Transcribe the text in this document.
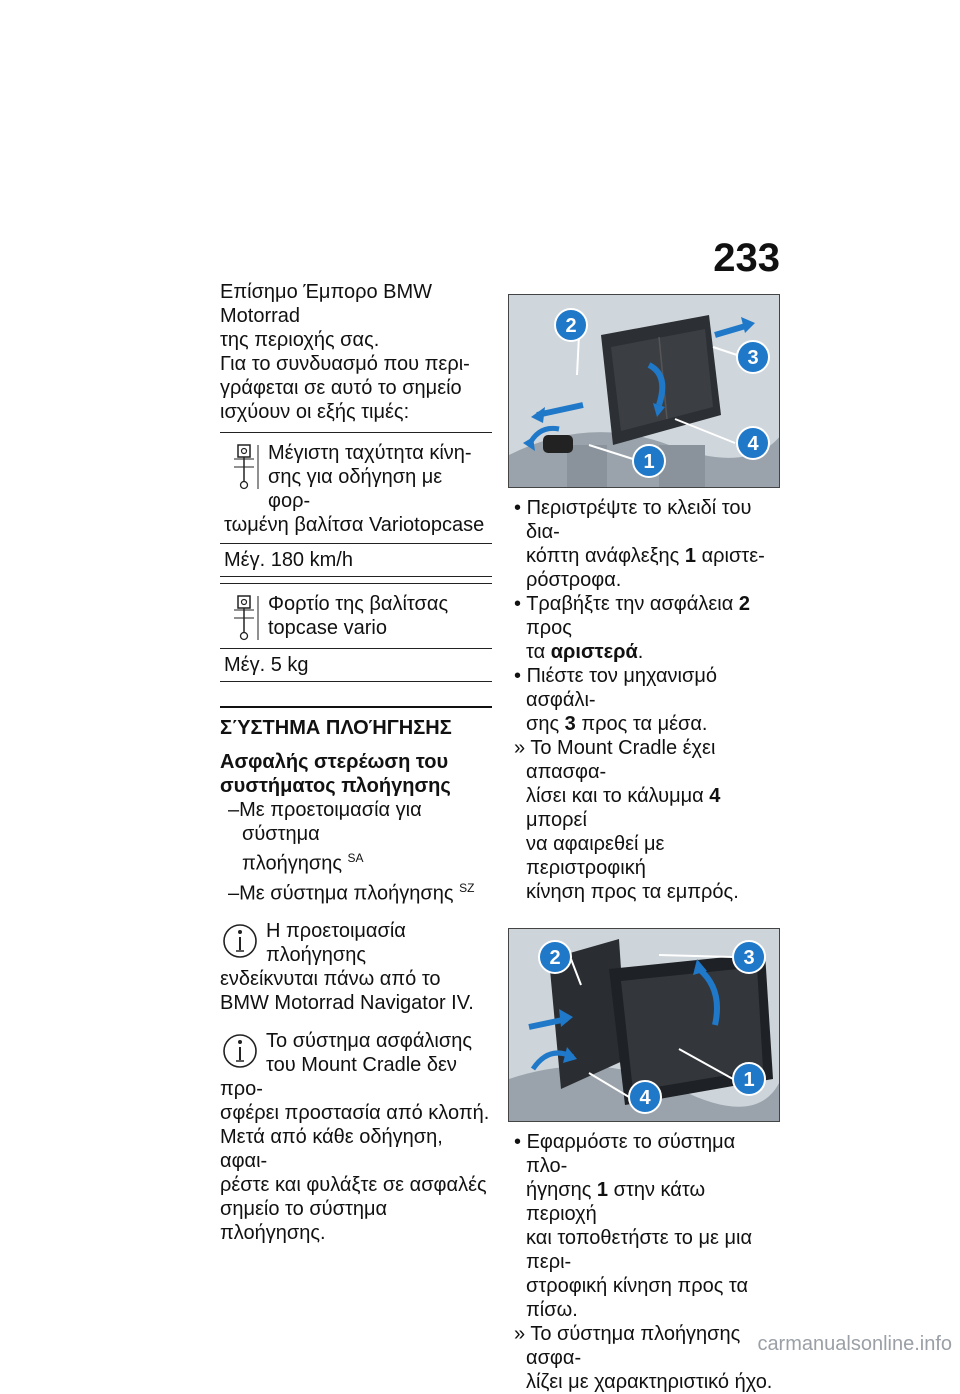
233

Επίσημο Έμπορο BMW Motorrad

της περιοχής σας.

Για το συνδυασμό που περι-

γράφεται σε αυτό το σημείο

ισχύουν οι εξής τιμές:

Μέγιστη ταχύτητα κίνη-
σης για οδήγηση με φορ-
τωμένη βαλίτσα Variotopcase
Μέγ. 180 km/h
Φορτίο της βαλίτσας
topcase vario
Μέγ. 5 kg
ΣΎΣΤΗΜΑ ΠΛΟΉΓΗΣΗΣ
Ασφαλής στερέωση του
συστήματος πλοήγησης
–Με προετοιμασία για σύστημα
πλοήγησης $^{SA}$
–Με σύστημα πλοήγησης $^{SZ}$
Η προετοιμασία πλοήγησης
ενδείκνυται πάνω από το
BMW Motorrad Navigator IV.
Το σύστημα ασφάλισης
του Mount Cradle δεν προ-
σφέρει προστασία από κλοπή.
Μετά από κάθε οδήγηση, αφαι-
ρέστε και φυλάξτε σε ασφαλές
σημείο το σύστημα πλοήγησης.
2
3
4
1
• Περιστρέψτε το κλειδί του δια-
κόπτη ανάφλεξης 1 αριστε-
ρόστροφα.
• Τραβήξτε την ασφάλεια 2 προς
τα αριστερά.
• Πιέστε τον μηχανισμό ασφάλι-
σης 3 προς τα μέσα.
» Το Mount Cradle έχει απασφα-
λίσει και το κάλυμμα 4 μπορεί
να αφαιρεθεί με περιστροφική
κίνηση προς τα εμπρός.
2	3
1
4
• Εφαρμόστε το σύστημα πλο-
ήγησης 1 στην κάτω περιοχή
και τοποθετήστε το με μια περι-
στροφική κίνηση προς τα πίσω.
» Το σύστημα πλοήγησης ασφα-
λίζει με χαρακτηριστικό ήχο.
carmanualsonline.info
